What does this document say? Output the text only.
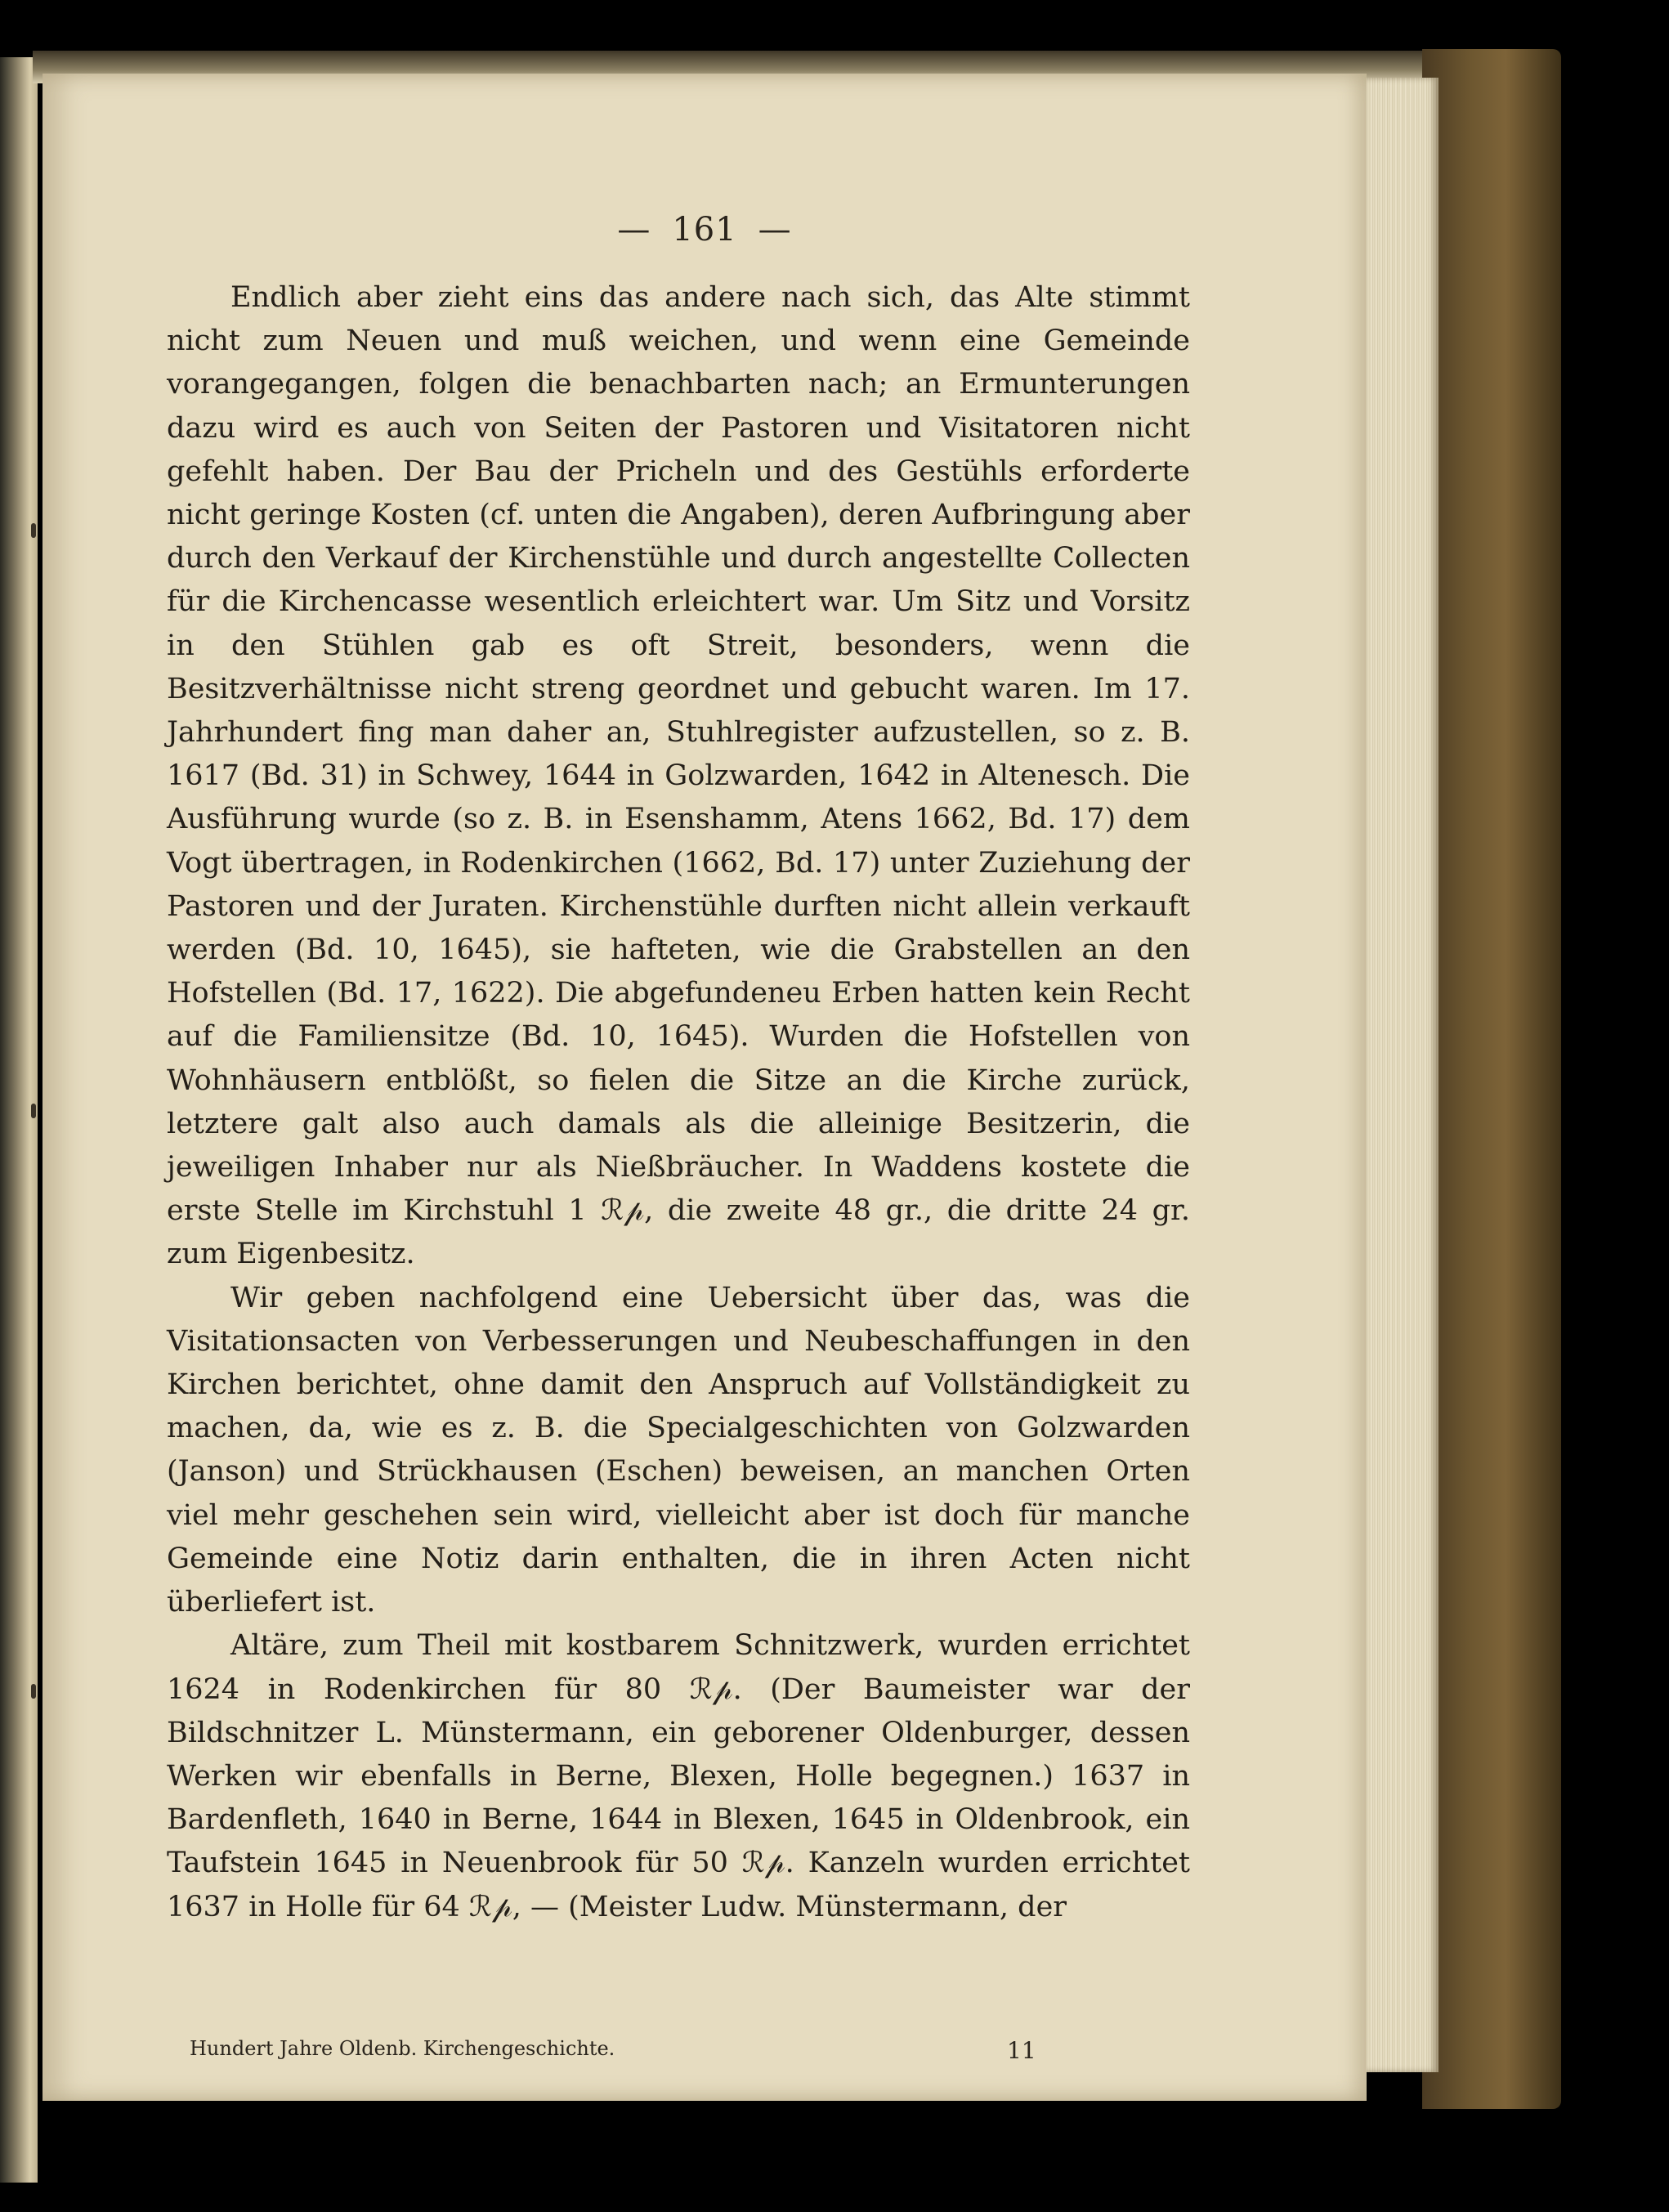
— 161 —

Endlich aber zieht eins das andere nach sich, das Alte stimmt nicht zum Neuen und muß weichen, und wenn eine Gemeinde vorangegangen, folgen die benachbarten nach; an Ermunterungen dazu wird es auch von Seiten der Pastoren und Visitatoren nicht gefehlt haben. Der Bau der Pricheln und des Gestühls erforderte nicht geringe Kosten (cf. unten die Angaben), deren Aufbringung aber durch den Verkauf der Kirchenstühle und durch angestellte Collecten für die Kirchencasse wesentlich erleichtert war. Um Sitz und Vorsitz in den Stühlen gab es oft Streit, besonders, wenn die Besitzverhältnisse nicht streng geordnet und gebucht waren. Im 17. Jahrhundert fing man daher an, Stuhlregister aufzustellen, so z. B. 1617 (Bd. 31) in Schwey, 1644 in Golzwarden, 1642 in Altenesch. Die Ausführung wurde (so z. B. in Esenshamm, Atens 1662, Bd. 17) dem Vogt übertragen, in Rodenkirchen (1662, Bd. 17) unter Zuziehung der Pastoren und der Juraten. Kirchenstühle durften nicht allein verkauft werden (Bd. 10, 1645), sie hafteten, wie die Grabstellen an den Hofstellen (Bd. 17, 1622). Die abgefundeneu Erben hatten kein Recht auf die Familiensitze (Bd. 10, 1645). Wurden die Hofstellen von Wohnhäusern entblößt, so fielen die Sitze an die Kirche zurück, letztere galt also auch damals als die alleinige Besitzerin, die jeweiligen Inhaber nur als Nießbräucher. In Waddens kostete die erste Stelle im Kirchstuhl 1 ℛ𝓅, die zweite 48 gr., die dritte 24 gr. zum Eigenbesitz.

Wir geben nachfolgend eine Uebersicht über das, was die Visitationsacten von Verbesserungen und Neubeschaffungen in den Kirchen berichtet, ohne damit den Anspruch auf Vollständigkeit zu machen, da, wie es z. B. die Specialgeschichten von Golzwarden (Janson) und Strückhausen (Eschen) beweisen, an manchen Orten viel mehr geschehen sein wird, vielleicht aber ist doch für manche Gemeinde eine Notiz darin enthalten, die in ihren Acten nicht überliefert ist.

Altäre, zum Theil mit kostbarem Schnitzwerk, wurden errichtet 1624 in Rodenkirchen für 80 ℛ𝓅. (Der Baumeister war der Bildschnitzer L. Münstermann, ein geborener Oldenburger, dessen Werken wir ebenfalls in Berne, Blexen, Holle begegnen.) 1637 in Bardenfleth, 1640 in Berne, 1644 in Blexen, 1645 in Oldenbrook, ein Taufstein 1645 in Neuenbrook für 50 ℛ𝓅. Kanzeln wurden errichtet 1637 in Holle für 64 ℛ𝓅, — (Meister Ludw. Münstermann, der

Hundert Jahre Oldenb. Kirchengeschichte.	11
